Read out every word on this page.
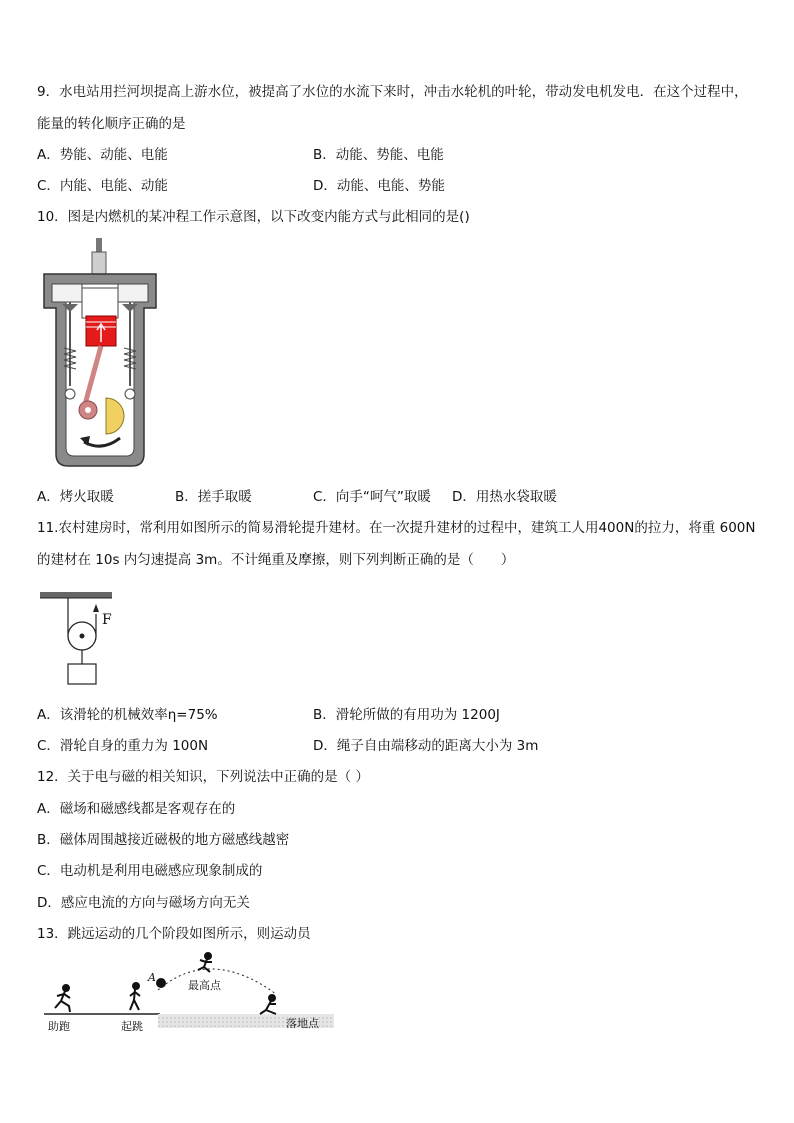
9．水电站用拦河坝提高上游水位，被提高了水位的水流下来时，冲击水轮机的叶轮，带动发电机发电．在这个过程中，
能量的转化顺序正确的是
A．势能、动能、电能	B．动能、势能、电能
C．内能、电能、动能	D．动能、电能、势能
10．图是内燃机的某冲程工作示意图，以下改变内能方式与此相同的是()
A．烤火取暖	B．搓手取暖	C．向手“呵气”取暖 D．用热水袋取暖
11.农村建房时，常利用如图所示的简易滑轮提升建材。在一次提升建材的过程中，建筑工人用400N的拉力，将重 600N
的建材在 10s 内匀速提高 3m。不计绳重及摩擦，则下列判断正确的是（　　）
F
A．该滑轮的机械效率η=75%	B．滑轮所做的有用功为 1200J
C．滑轮自身的重力为 100N	D．绳子自由端移动的距离大小为 3m
12．关于电与磁的相关知识，下列说法中正确的是（ ）
A．磁场和磁感线都是客观存在的
B．磁体周围越接近磁极的地方磁感线越密
C．电动机是利用电磁感应现象制成的
D．感应电流的方向与磁场方向无关
13．跳远运动的几个阶段如图所示，则运动员
A
助跑	起跳
最高点
落地点
